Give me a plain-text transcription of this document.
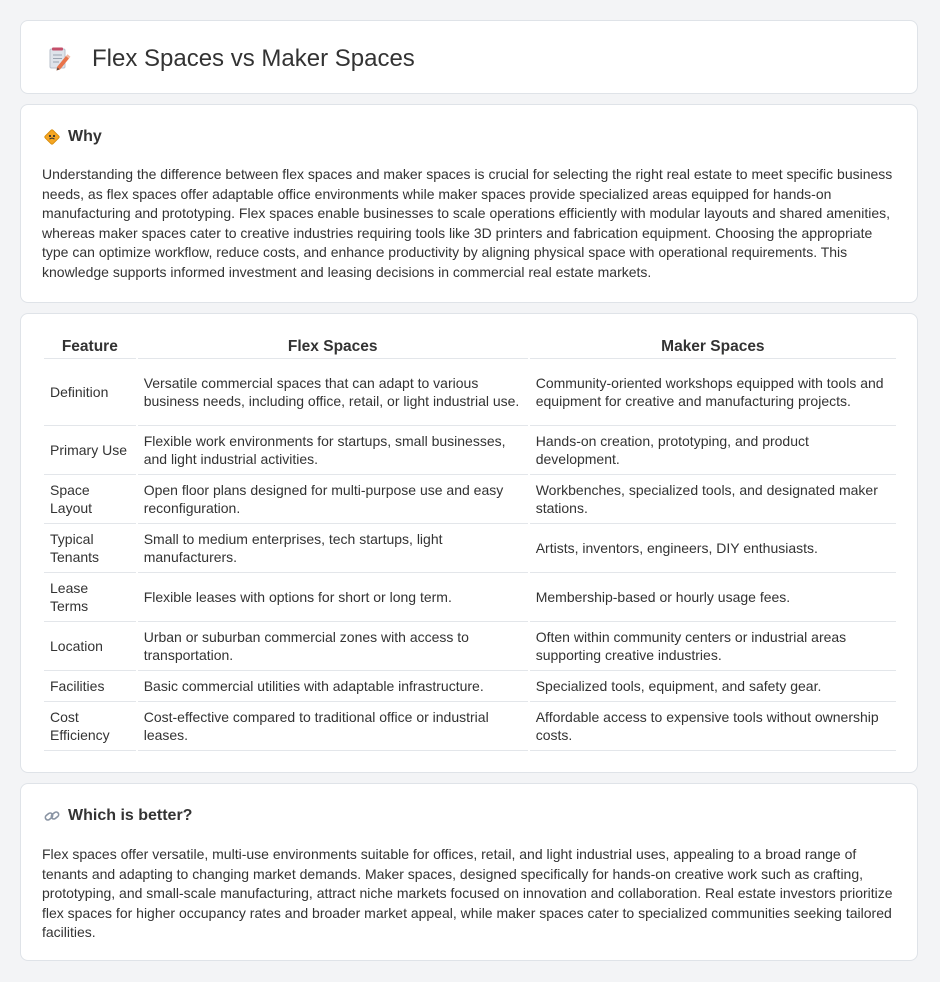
Flex Spaces vs Maker Spaces
Why

Understanding the difference between flex spaces and maker spaces is crucial for selecting the right real estate to meet specific business needs, as flex spaces offer adaptable office environments while maker spaces provide specialized areas equipped for hands-on manufacturing and prototyping. Flex spaces enable businesses to scale operations efficiently with modular layouts and shared amenities, whereas maker spaces cater to creative industries requiring tools like 3D printers and fabrication equipment. Choosing the appropriate type can optimize workflow, reduce costs, and enhance productivity by aligning physical space with operational requirements. This knowledge supports informed investment and leasing decisions in commercial real estate markets.

Feature	Flex Spaces	Maker Spaces
Definition	Versatile commercial spaces that can adapt to various business needs, including office, retail, or light industrial use.	Community-oriented workshops equipped with tools and equipment for creative and manufacturing projects.
Primary Use	Flexible work environments for startups, small businesses, and light industrial activities.	Hands-on creation, prototyping, and product development.
Space Layout	Open floor plans designed for multi-purpose use and easy reconfiguration.	Workbenches, specialized tools, and designated maker stations.
Typical Tenants	Small to medium enterprises, tech startups, light manufacturers.	Artists, inventors, engineers, DIY enthusiasts.
Lease Terms	Flexible leases with options for short or long term.	Membership-based or hourly usage fees.
Location	Urban or suburban commercial zones with access to transportation.	Often within community centers or industrial areas supporting creative industries.
Facilities	Basic commercial utilities with adaptable infrastructure.	Specialized tools, equipment, and safety gear.
Cost Efficiency	Cost-effective compared to traditional office or industrial leases.	Affordable access to expensive tools without ownership costs.
Which is better?

Flex spaces offer versatile, multi-use environments suitable for offices, retail, and light industrial uses, appealing to a broad range of tenants and adapting to changing market demands. Maker spaces, designed specifically for hands-on creative work such as crafting, prototyping, and small-scale manufacturing, attract niche markets focused on innovation and collaboration. Real estate investors prioritize flex spaces for higher occupancy rates and broader market appeal, while maker spaces cater to specialized communities seeking tailored facilities.
